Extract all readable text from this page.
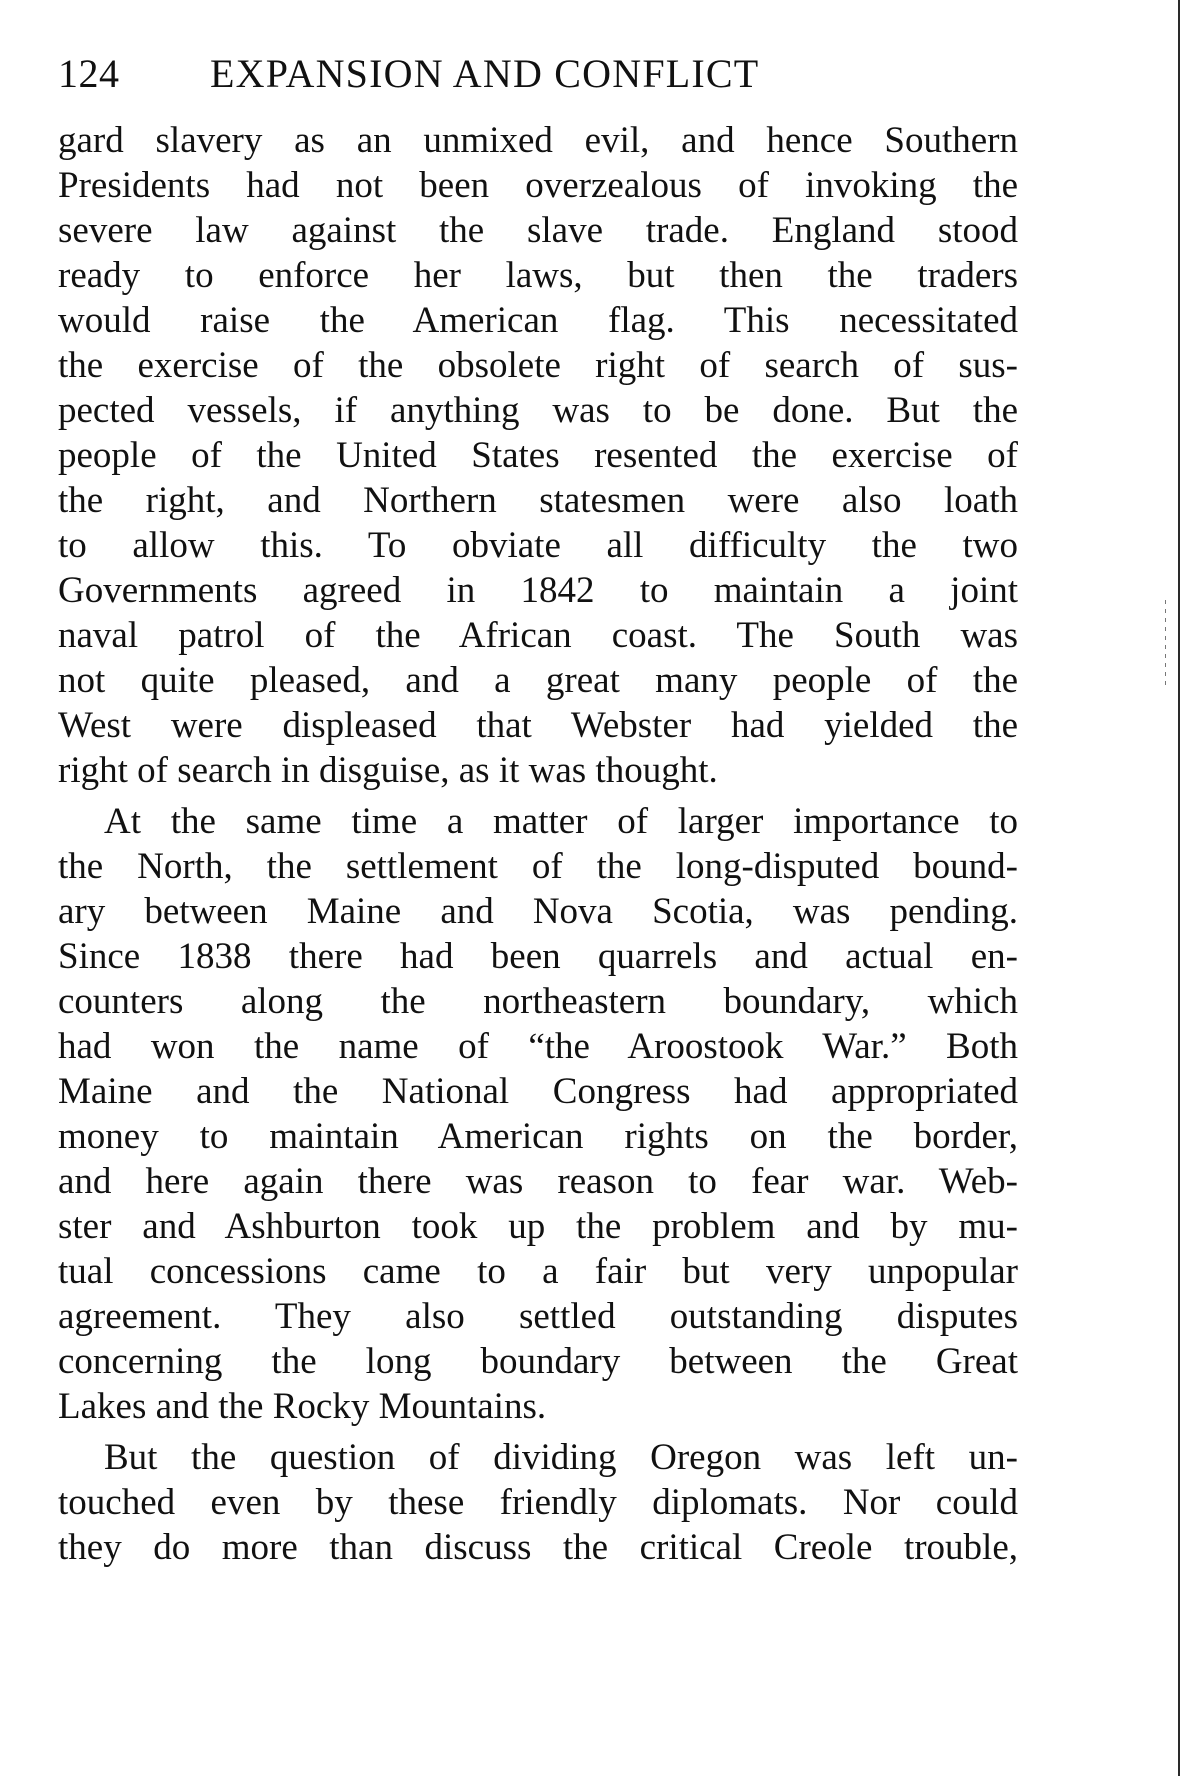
124 EXPANSION AND CONFLICT
gard slavery as an unmixed evil, and hence Southern
Presidents had not been overzealous of invoking the
severe law against the slave trade. England stood
ready to enforce her laws, but then the traders
would raise the American flag. This necessitated
the exercise of the obsolete right of search of sus-
pected vessels, if anything was to be done. But the
people of the United States resented the exercise of
the right, and Northern statesmen were also loath
to allow this. To obviate all difficulty the two
Governments agreed in 1842 to maintain a joint
naval patrol of the African coast. The South was
not quite pleased, and a great many people of the
West were displeased that Webster had yielded the
right of search in disguise, as it was thought.
At the same time a matter of larger importance to
the North, the settlement of the long-disputed bound-
ary between Maine and Nova Scotia, was pending.
Since 1838 there had been quarrels and actual en-
counters along the northeastern boundary, which
had won the name of “the Aroostook War.” Both
Maine and the National Congress had appropriated
money to maintain American rights on the border,
and here again there was reason to fear war. Web-
ster and Ashburton took up the problem and by mu-
tual concessions came to a fair but very unpopular
agreement. They also settled outstanding disputes
concerning the long boundary between the Great
Lakes and the Rocky Mountains.
But the question of dividing Oregon was left un-
touched even by these friendly diplomats. Nor could
they do more than discuss the critical Creole trouble,
